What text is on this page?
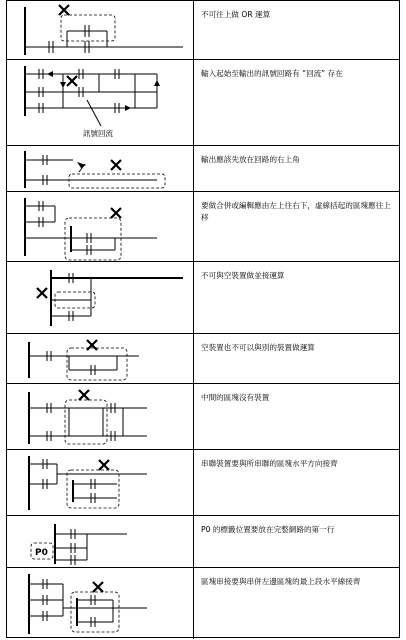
不可往上做 OR 運算
訊號回流
輸入起始至輸出的訊號回路有 “回流” 存在
輸出應該先放在回路的右上角
要做合併或編輯應由左上往右下，虛線括起的區塊應往上移
不可與空裝置做並接運算
空裝置也不可以與別的裝置做運算
中間的區塊沒有裝置
串聯裝置要與所串聯的區塊水平方向接齊
P0
P0 的標籤位置要放在完整網路的第一行
區塊串接要與串併左邊區塊的最上段水平線接齊
